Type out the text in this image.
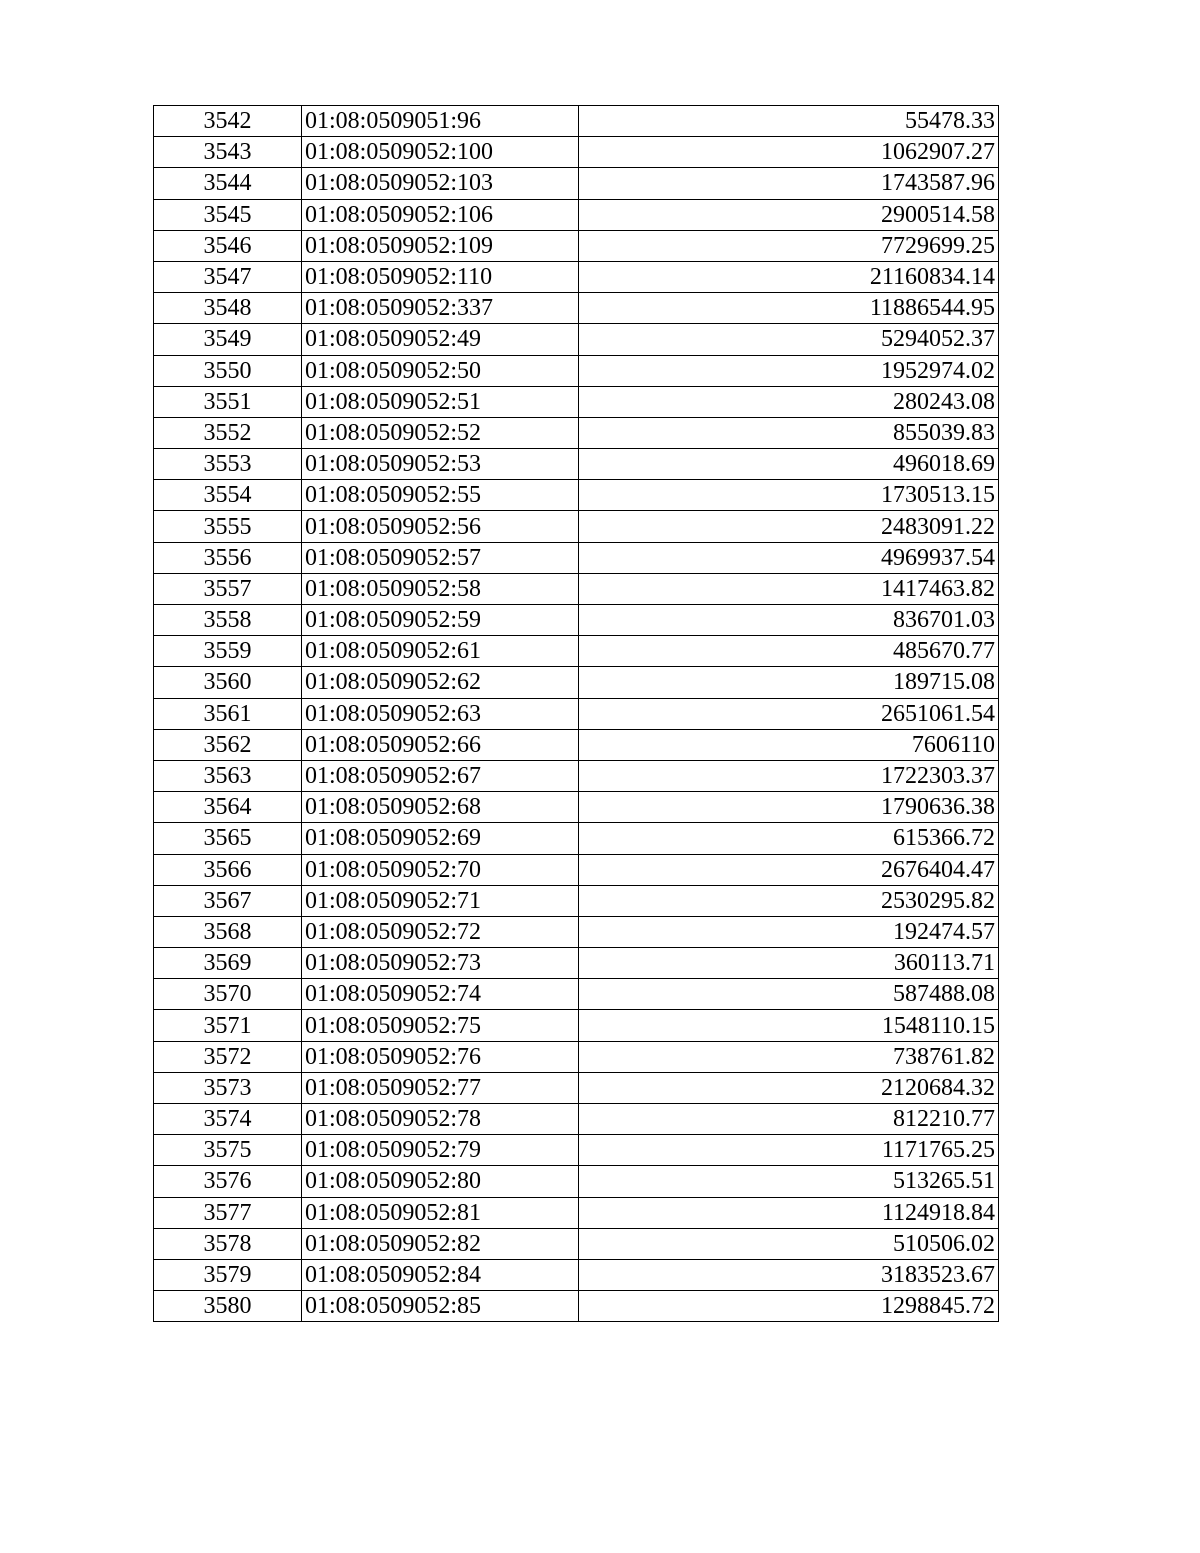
3542	01:08:0509051:96	55478.33
3543	01:08:0509052:100	1062907.27
3544	01:08:0509052:103	1743587.96
3545	01:08:0509052:106	2900514.58
3546	01:08:0509052:109	7729699.25
3547	01:08:0509052:110	21160834.14
3548	01:08:0509052:337	11886544.95
3549	01:08:0509052:49	5294052.37
3550	01:08:0509052:50	1952974.02
3551	01:08:0509052:51	280243.08
3552	01:08:0509052:52	855039.83
3553	01:08:0509052:53	496018.69
3554	01:08:0509052:55	1730513.15
3555	01:08:0509052:56	2483091.22
3556	01:08:0509052:57	4969937.54
3557	01:08:0509052:58	1417463.82
3558	01:08:0509052:59	836701.03
3559	01:08:0509052:61	485670.77
3560	01:08:0509052:62	189715.08
3561	01:08:0509052:63	2651061.54
3562	01:08:0509052:66	7606110
3563	01:08:0509052:67	1722303.37
3564	01:08:0509052:68	1790636.38
3565	01:08:0509052:69	615366.72
3566	01:08:0509052:70	2676404.47
3567	01:08:0509052:71	2530295.82
3568	01:08:0509052:72	192474.57
3569	01:08:0509052:73	360113.71
3570	01:08:0509052:74	587488.08
3571	01:08:0509052:75	1548110.15
3572	01:08:0509052:76	738761.82
3573	01:08:0509052:77	2120684.32
3574	01:08:0509052:78	812210.77
3575	01:08:0509052:79	1171765.25
3576	01:08:0509052:80	513265.51
3577	01:08:0509052:81	1124918.84
3578	01:08:0509052:82	510506.02
3579	01:08:0509052:84	3183523.67
3580	01:08:0509052:85	1298845.72
